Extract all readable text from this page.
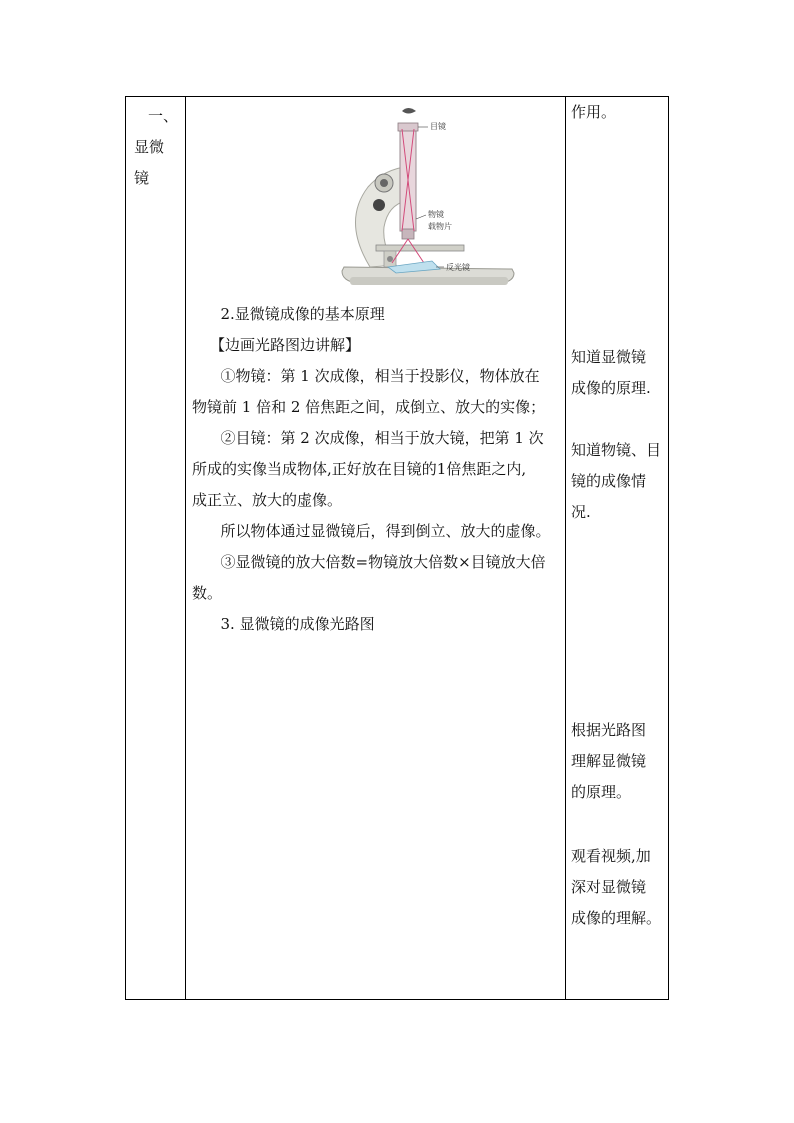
一、
显微
镜
目镜
物镜
载物片
反光镜

2.显微镜成像的基本原理

【边画光路图边讲解】

①物镜：第 1 次成像，相当于投影仪，物体放在

物镜前 1 倍和 2 倍焦距之间，成倒立、放大的实像；

②目镜：第 2 次成像，相当于放大镜，把第 1 次

所成的实像当成物体,正好放在目镜的1倍焦距之内,

成正立、放大的虚像。

所以物体通过显微镜后，得到倒立、放大的虚像。

③显微镜的放大倍数=物镜放大倍数×目镜放大倍

数。

3. 显微镜的成像光路图

作用。

知道显微镜

成像的原理.

知道物镜、目

镜的成像情

况.

根据光路图

理解显微镜

的原理。

观看视频,加

深对显微镜

成像的理解。
